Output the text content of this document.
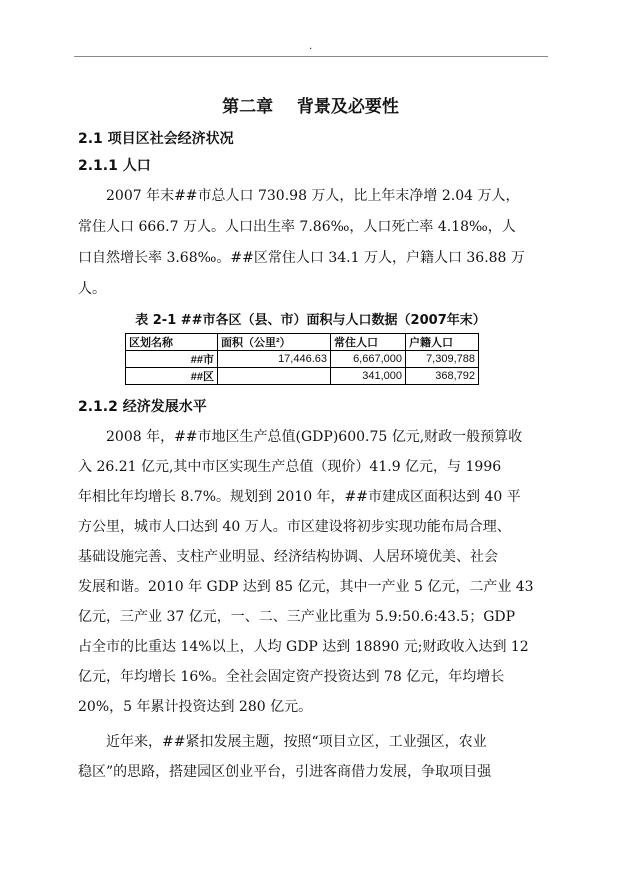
.
第二章    背景及必要性
2.1 项目区社会经济状况
2.1.1 人口
2007 年末##市总人口 730.98 万人，比上年末净增 2.04 万人，
常住人口 666.7 万人。人口出生率 7.86‰，人口死亡率 4.18‰，人
口自然增长率 3.68‰。##区常住人口 34.1 万人，户籍人口 36.88 万
人。
表 2-1 ##市各区（县、市）面积与人口数据（2007年末）
区划名称	面积（公里²）	常住人口	户籍人口
##市	17,446.63	6,667,000	7,309,788
##区		341,000	368,792
2.1.2 经济发展水平
2008 年，##市地区生产总值(GDP)600.75 亿元,财政一般预算收
入 26.21 亿元,其中市区实现生产总值（现价）41.9 亿元，与 1996
年相比年均增长 8.7%。规划到 2010 年，##市建成区面积达到 40 平
方公里，城市人口达到 40 万人。市区建设将初步实现功能布局合理、
基础设施完善、支柱产业明显、经济结构协调、人居环境优美、社会
发展和谐。2010 年 GDP 达到 85 亿元，其中一产业 5 亿元，二产业 43
亿元，三产业 37 亿元，一、二、三产业比重为 5.9:50.6:43.5；GDP
占全市的比重达 14%以上，人均 GDP 达到 18890 元;财政收入达到 12
亿元，年均增长 16%。全社会固定资产投资达到 78 亿元，年均增长
20%，5 年累计投资达到 280 亿元。
近年来，##紧扣发展主题，按照“项目立区，工业强区，农业
稳区”的思路，搭建园区创业平台，引进客商借力发展，争取项目强
